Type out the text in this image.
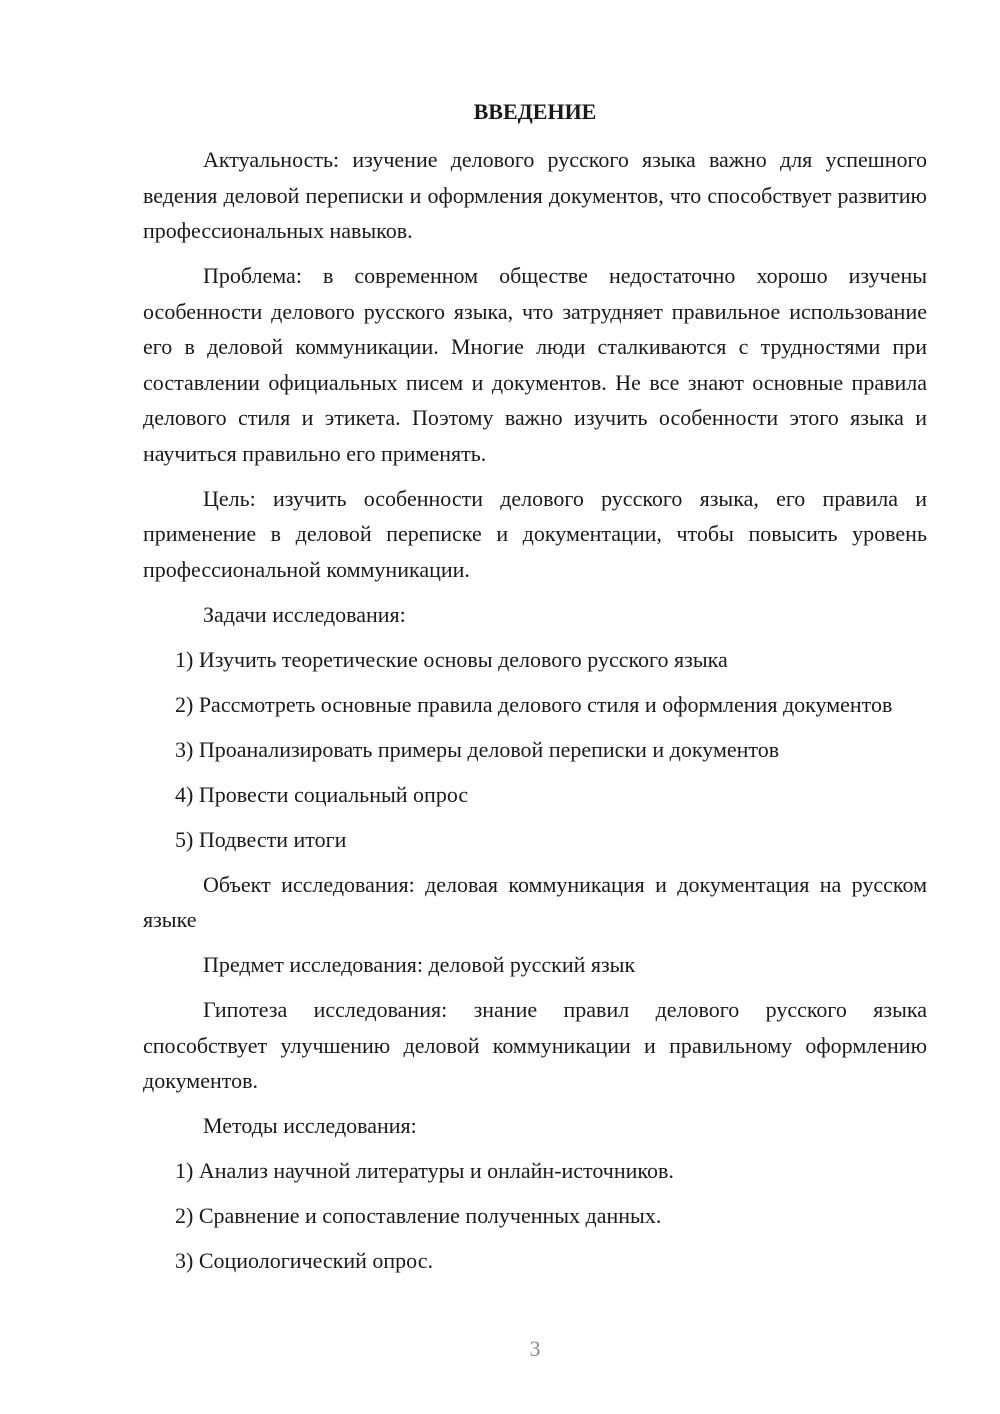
ВВЕДЕНИЕ

Актуальность: изучение делового русского языка важно для успешного ведения деловой переписки и оформления документов, что способствует развитию профессиональных навыков.

Проблема: в современном обществе недостаточно хорошо изучены особенности делового русского языка, что затрудняет правильное использование его в деловой коммуникации. Многие люди сталкиваются с трудностями при составлении официальных писем и документов. Не все знают основные правила делового стиля и этикета. Поэтому важно изучить особенности этого языка и научиться правильно его применять.

Цель: изучить особенности делового русского языка, его правила и применение в деловой переписке и документации, чтобы повысить уровень профессиональной коммуникации.

Задачи исследования:

1) Изучить теоретические основы делового русского языка

2) Рассмотреть основные правила делового стиля и оформления документов

3) Проанализировать примеры деловой переписки и документов

4) Провести социальный опрос

5) Подвести итоги

Объект исследования: деловая коммуникация и документация на русском языке

Предмет исследования: деловой русский язык

Гипотеза исследования: знание правил делового русского языка способствует улучшению деловой коммуникации и правильному оформлению документов.

Методы исследования:

1) Анализ научной литературы и онлайн-источников.

2) Сравнение и сопоставление полученных данных.

3) Социологический опрос.

3
